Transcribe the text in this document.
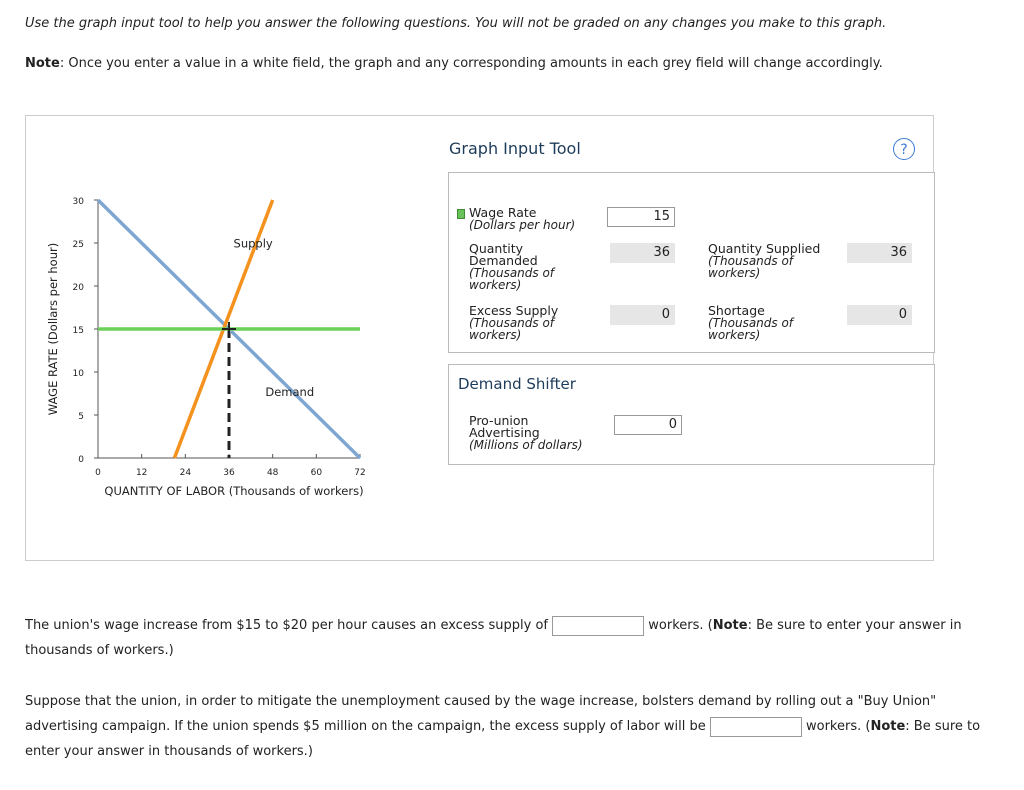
Use the graph input tool to help you answer the following questions. You will not be graded on any changes you make to this graph.
Note: Once you enter a value in a white field, the graph and any corresponding amounts in each grey field will change accordingly.
0
5
10
15
20
25
30
0	12	24	36	48	60	72
QUANTITY OF LABOR (Thousands of workers)
WAGE RATE (Dollars per hour)	Supply
Demand
Graph Input Tool	?
Wage Rate
(Dollars per hour)
15
Quantity Demanded
(Thousands of workers)
36	Quantity Supplied
(Thousands of workers)
36
Excess Supply
(Thousands of workers)
0	Shortage
(Thousands of workers)
0
Demand Shifter
Pro-union Advertising
(Millions of dollars)
0
The union's wage increase from $15 to $20 per hour causes an excess supply of	workers. (Note: Be sure to enter your answer in thousands of workers.)
Suppose that the union, in order to mitigate the unemployment caused by the wage increase, bolsters demand by rolling out a "Buy Union" advertising campaign. If the union spends $5 million on the campaign, the excess supply of labor will be	workers. (Note: Be sure to enter your answer in thousands of workers.)
